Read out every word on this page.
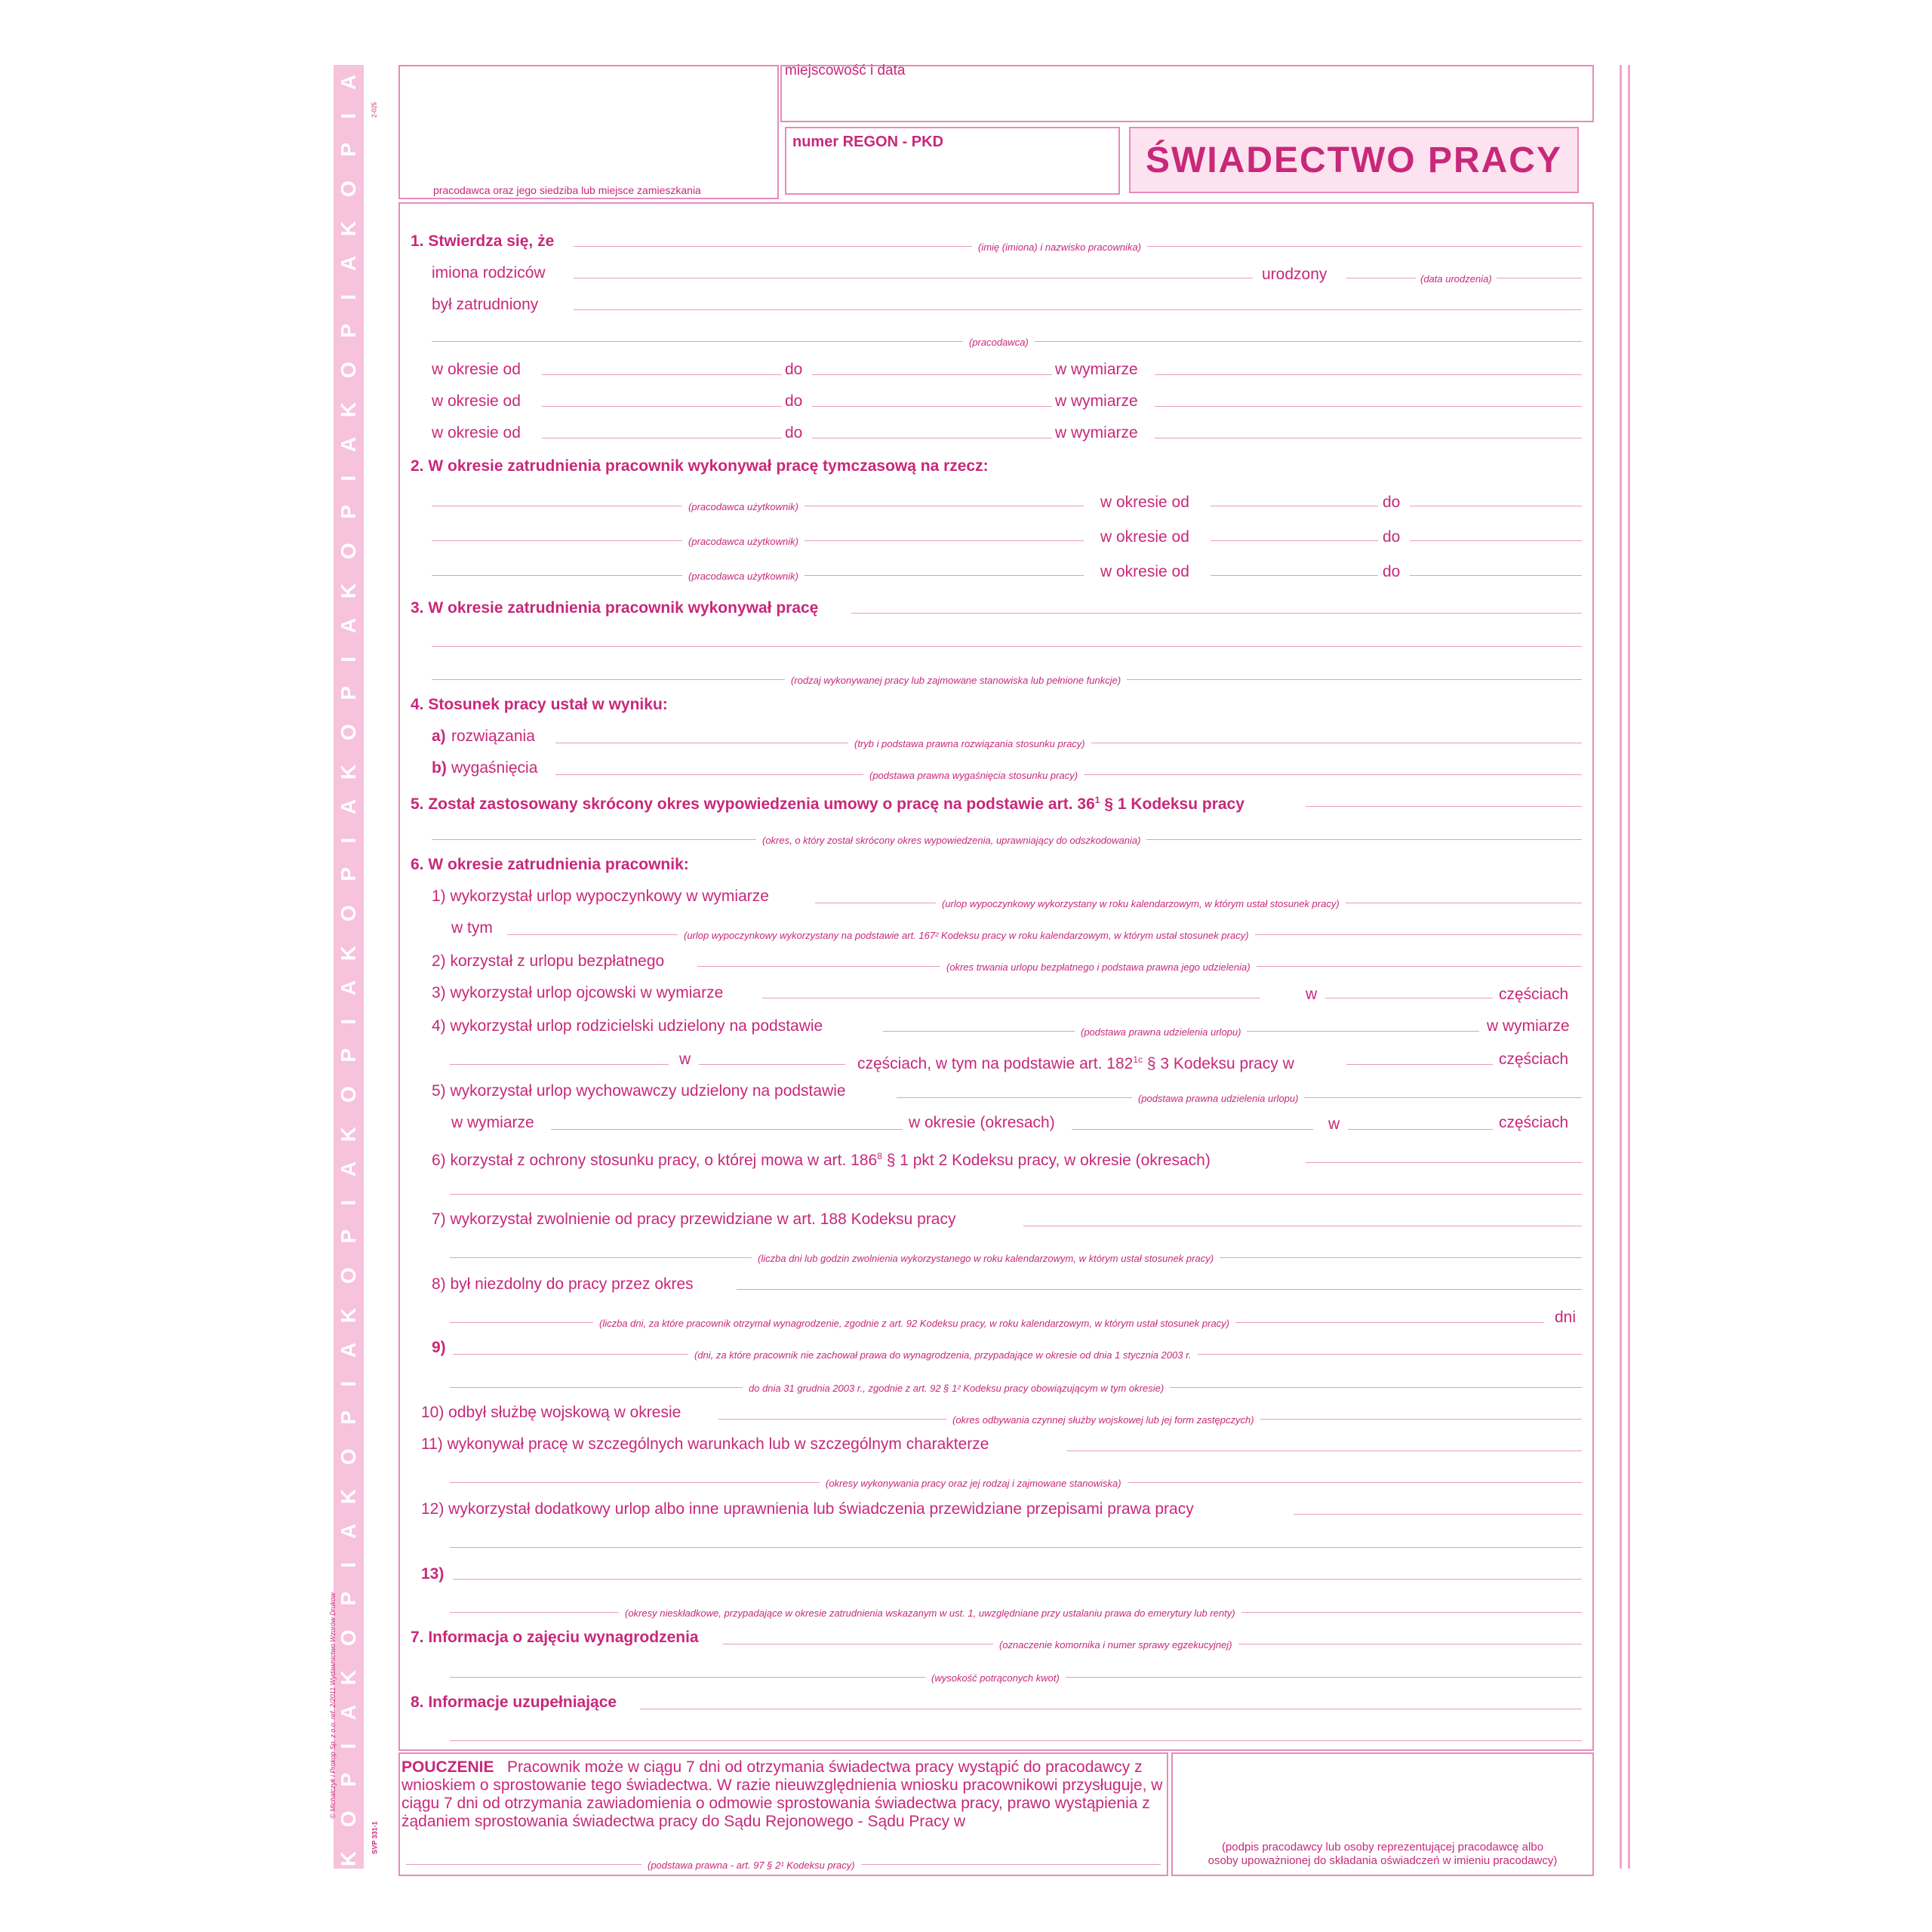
K O P I A
K O P I A
K O P I A
K O P I A
K O P I A
K O P I A
K O P I A
K O P I A
K O P I A
K O P I A
© Michalczyk i Prokop Sp. z o.o. ref. 2/2011 Wydawnictwo Wzorów Drukow
SVP 331-1
2-025
pracodawca oraz jego siedziba lub miejsce zamieszkania
miejscowość i data
numer REGON - PKD	ŚWIADECTWO PRACY
1. Stwierdza się, że	(imię (imiona) i nazwisko pracownika)
imiona rodziców	urodzony	(data urodzenia)
był zatrudniony
(pracodawca)
w okresie od	do	w wymiarze
w okresie od	do	w wymiarze
w okresie od	do	w wymiarze
2. W okresie zatrudnienia pracownik wykonywał pracę tymczasową na rzecz:
(pracodawca użytkownik)	w okresie od	do
(pracodawca użytkownik)	w okresie od	do
(pracodawca użytkownik)	w okresie od	do
3. W okresie zatrudnienia pracownik wykonywał pracę
(rodzaj wykonywanej pracy lub zajmowane stanowiska lub pełnione funkcje)
4. Stosunek pracy ustał w wyniku:
a) rozwiązania	(tryb i podstawa prawna rozwiązania stosunku pracy)
b) wygaśnięcia	(podstawa prawna wygaśnięcia stosunku pracy)
5. Został zastosowany skrócony okres wypowiedzenia umowy o pracę na podstawie art. $36^1$ § 1 Kodeksu pracy
(okres, o który został skrócony okres wypowiedzenia, uprawniający do odszkodowania)
6. W okresie zatrudnienia pracownik:
1) wykorzystał urlop wypoczynkowy w wymiarze	(urlop wypoczynkowy wykorzystany w roku kalendarzowym, w którym ustał stosunek pracy)
w tym	(urlop wypoczynkowy wykorzystany na podstawie art. 167² Kodeksu pracy w roku kalendarzowym, w którym ustał stosunek pracy)
2) korzystał z urlopu bezpłatnego	(okres trwania urlopu bezpłatnego i podstawa prawna jego udzielenia)
3) wykorzystał urlop ojcowski w wymiarze	w	częściach
4) wykorzystał urlop rodzicielski udzielony na podstawie	(podstawa prawna udzielenia urlopu)	w wymiarze
w	częściach, w tym na podstawie art. $182^{1c}$ § 3 Kodeksu pracy w	częściach
5) wykorzystał urlop wychowawczy udzielony na podstawie	(podstawa prawna udzielenia urlopu)
w wymiarze	w okresie (okresach)	w	częściach
6) korzystał z ochrony stosunku pracy, o której mowa w art. $186^8$ § 1 pkt 2 Kodeksu pracy, w okresie (okresach)
7) wykorzystał zwolnienie od pracy przewidziane w art. 188 Kodeksu pracy
(liczba dni lub godzin zwolnienia wykorzystanego w roku kalendarzowym, w którym ustał stosunek pracy)
8) był niezdolny do pracy przez okres
(liczba dni, za które pracownik otrzymał wynagrodzenie, zgodnie z art. 92 Kodeksu pracy, w roku kalendarzowym, w którym ustał stosunek pracy)	dni
9)	(dni, za które pracownik nie zachował prawa do wynagrodzenia, przypadające w okresie od dnia 1 stycznia 2003 r.
do dnia 31 grudnia 2003 r., zgodnie z art. 92 § 1² Kodeksu pracy obowiązującym w tym okresie)
10) odbył służbę wojskową w okresie	(okres odbywania czynnej służby wojskowej lub jej form zastępczych)
11) wykonywał pracę w szczególnych warunkach lub w szczególnym charakterze
(okresy wykonywania pracy oraz jej rodzaj i zajmowane stanowiska)
12) wykorzystał dodatkowy urlop albo inne uprawnienia lub świadczenia przewidziane przepisami prawa pracy
13)
(okresy nieskładkowe, przypadające w okresie zatrudnienia wskazanym w ust. 1, uwzględniane przy ustalaniu prawa do emerytury lub renty)
7. Informacja o zajęciu wynagrodzenia	(oznaczenie komornika i numer sprawy egzekucyjnej)
(wysokość potrąconych kwot)
8. Informacje uzupełniające
POUCZENIE Pracownik może w ciągu 7 dni od otrzymania świadectwa pracy wystąpić do pracodawcy z wnioskiem o sprostowanie tego świadectwa. W razie nieuwzględnienia wniosku pracownikowi przysługuje, w ciągu 7 dni od otrzymania zawiadomienia o odmowie sprostowania świadectwa pracy, prawo wystąpienia z żądaniem sprostowania świadectwa pracy do Sądu Rejonowego - Sądu Pracy w
(podstawa prawna - art. 97 § 2¹ Kodeksu pracy)
(podpis pracodawcy lub osoby reprezentującej pracodawcę albo
osoby upoważnionej do składania oświadczeń w imieniu pracodawcy)
